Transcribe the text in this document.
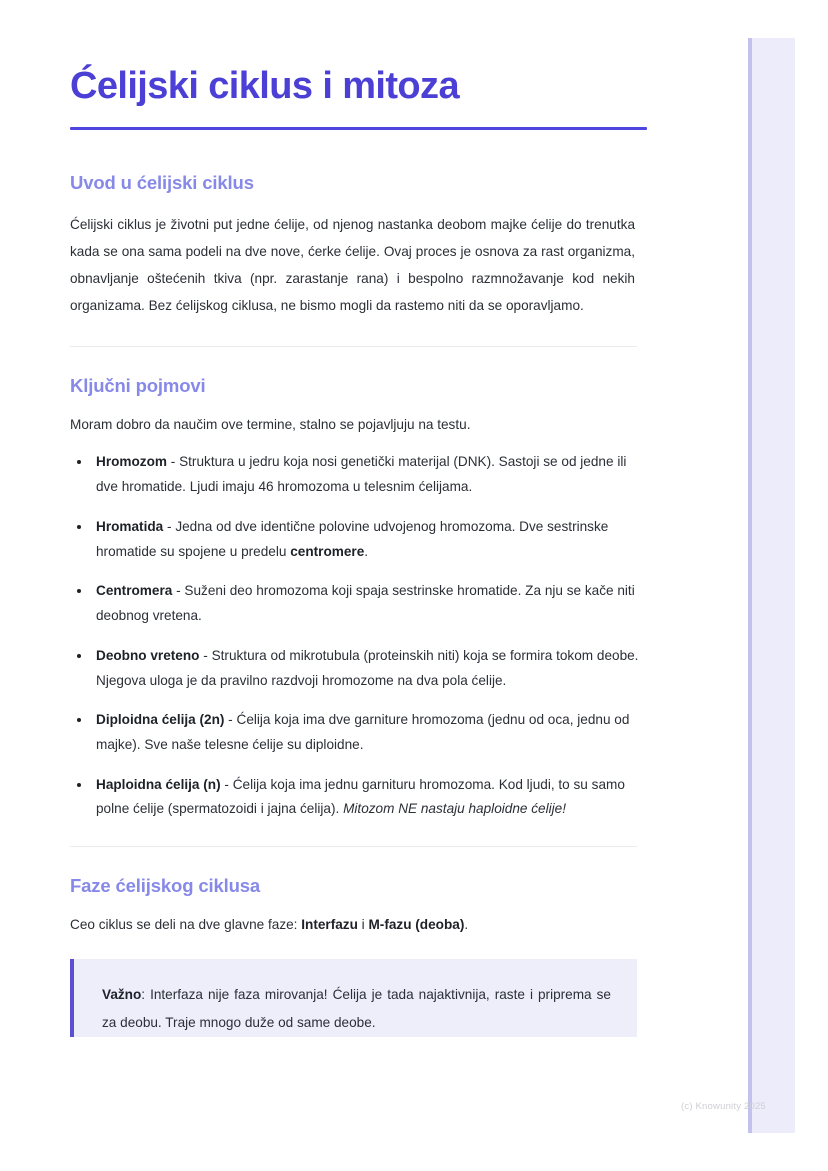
Ćelijski ciklus i mitoza
Uvod u ćelijski ciklus

Ćelijski ciklus je životni put jedne ćelije, od njenog nastanka deobom majke ćelije do trenutka kada se ona sama podeli na dve nove, ćerke ćelije. Ovaj proces je osnova za rast organizma, obnavljanje oštećenih tkiva (npr. zarastanje rana) i bespolno razmnožavanje kod nekih organizama. Bez ćelijskog ciklusa, ne bismo mogli da rastemo niti da se oporavljamo.

Ključni pojmovi

Moram dobro da naučim ove termine, stalno se pojavljuju na testu.

Hromozom - Struktura u jedru koja nosi genetički materijal (DNK). Sastoji se od jedne ili dve hromatide. Ljudi imaju 46 hromozoma u telesnim ćelijama.
Hromatida - Jedna od dve identične polovine udvojenog hromozoma. Dve sestrinske hromatide su spojene u predelu centromere.
Centromera - Suženi deo hromozoma koji spaja sestrinske hromatide. Za nju se kače niti deobnog vretena.
Deobno vreteno - Struktura od mikrotubula (proteinskih niti) koja se formira tokom deobe. Njegova uloga je da pravilno razdvoji hromozome na dva pola ćelije.
Diploidna ćelija (2n) - Ćelija koja ima dve garniture hromozoma (jednu od oca, jednu od majke). Sve naše telesne ćelije su diploidne.
Haploidna ćelija (n) - Ćelija koja ima jednu garnituru hromozoma. Kod ljudi, to su samo polne ćelije (spermatozoidi i jajna ćelija). Mitozom NE nastaju haploidne ćelije!
Faze ćelijskog ciklusa

Ceo ciklus se deli na dve glavne faze: Interfazu i M-fazu (deoba).

Važno: Interfaza nije faza mirovanja! Ćelija je tada najaktivnija, raste i priprema se za deobu. Traje mnogo duže od same deobe.

(c) Knowunity 2025
